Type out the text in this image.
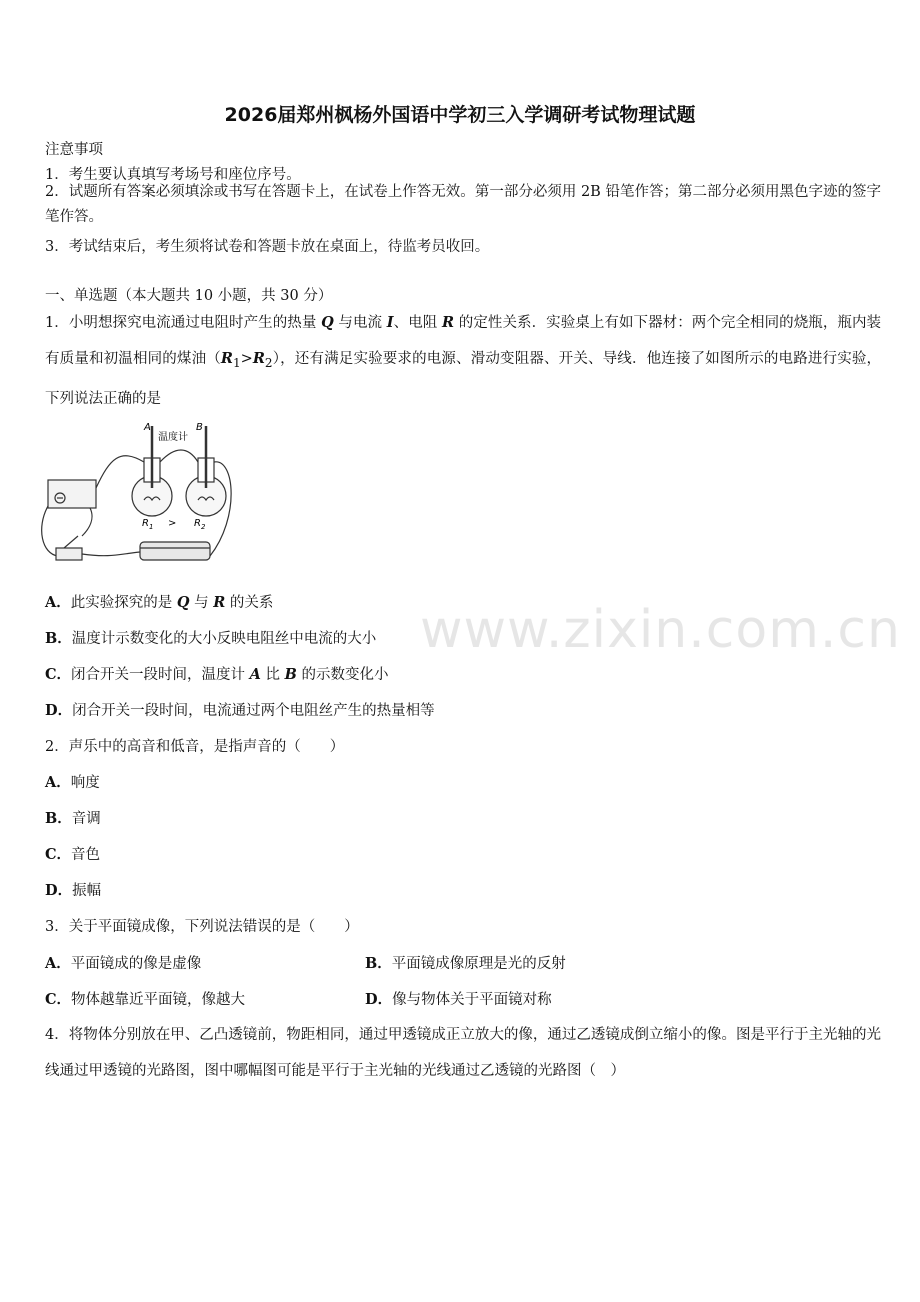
2026届郑州枫杨外国语中学初三入学调研考试物理试题
注意事项
1．考生要认真填写考场号和座位序号。
2．试题所有答案必须填涂或书写在答题卡上，在试卷上作答无效。第一部分必须用 2B 铅笔作答；第二部分必须用黑色字迹的签字笔作答。
3．考试结束后，考生须将试卷和答题卡放在桌面上，待监考员收回。
一、单选题（本大题共 10 小题，共 30 分）
1．小明想探究电流通过电阻时产生的热量 Q 与电流 I、电阻 R 的定性关系．实验桌上有如下器材：两个完全相同的烧瓶，瓶内装有质量和初温相同的煤油$(R_1>R_2)$，还有满足实验要求的电源、滑动变阻器、开关、导线．他连接了如图所示的电路进行实验，下列说法正确的是
A	B
温度计
$R_1 > R_2$
A．此实验探究的是 Q 与 R 的关系
B．温度计示数变化的大小反映电阻丝中电流的大小
C．闭合开关一段时间，温度计 A 比 B 的示数变化小
D．闭合开关一段时间，电流通过两个电阻丝产生的热量相等
2．声乐中的高音和低音，是指声音的（　　）
A．响度
B．音调
C．音色
D．振幅
3．关于平面镜成像，下列说法错误的是（　　）
A．平面镜成的像是虚像	B．平面镜成像原理是光的反射
C．物体越靠近平面镜，像越大	D．像与物体关于平面镜对称
4．将物体分别放在甲、乙凸透镜前，物距相同，通过甲透镜成正立放大的像，通过乙透镜成倒立缩小的像。图是平行于主光轴的光线通过甲透镜的光路图，图中哪幅图可能是平行于主光轴的光线通过乙透镜的光路图（　）
www.zixin.com.cn
